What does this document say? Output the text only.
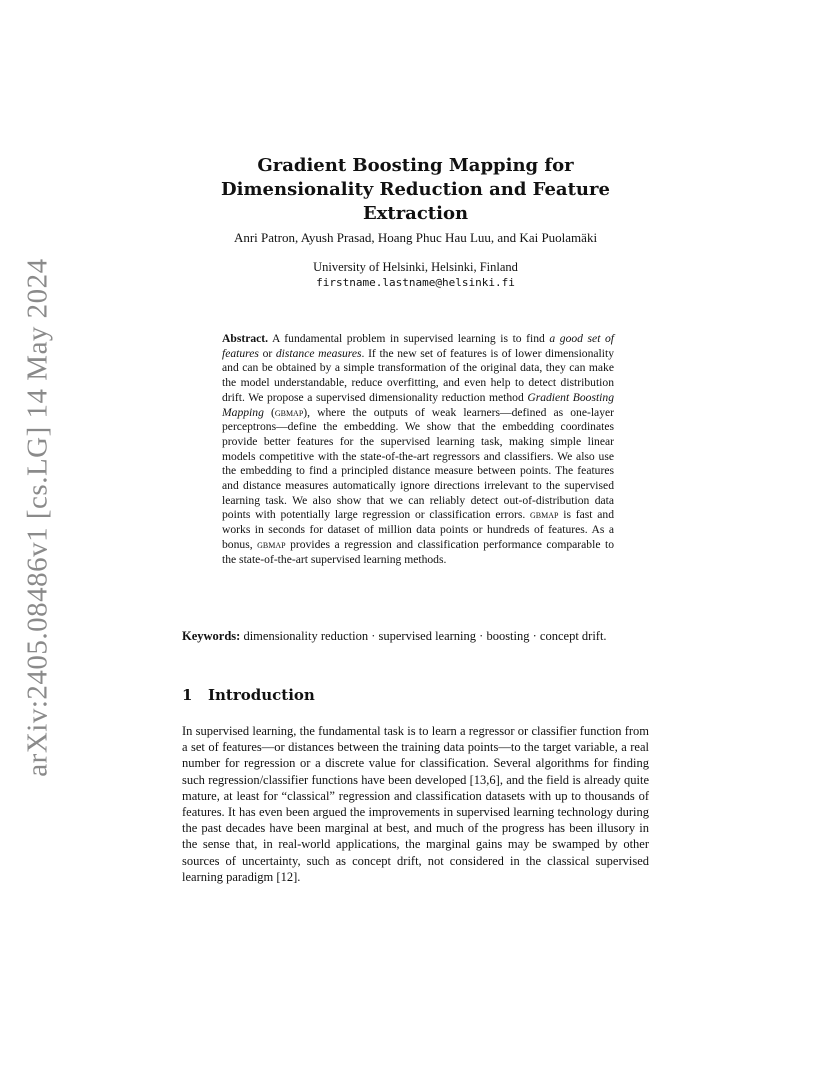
arXiv:2405.08486v1 [cs.LG] 14 May 2024
Gradient Boosting Mapping for Dimensionality Reduction and Feature Extraction
Anri Patron, Ayush Prasad, Hoang Phuc Hau Luu, and Kai Puolamäki
University of Helsinki, Helsinki, Finland
firstname.lastname@helsinki.fi

Abstract. A fundamental problem in supervised learning is to find a good set of features or distance measures. If the new set of features is of lower dimensionality and can be obtained by a simple transformation of the original data, they can make the model understandable, reduce overfitting, and even help to detect distribution drift. We propose a supervised dimensionality reduction method Gradient Boosting Mapping (gbmap), where the outputs of weak learners—defined as one-layer perceptrons—define the embedding. We show that the embedding coordinates provide better features for the supervised learning task, making simple linear models competitive with the state-of-the-art regressors and classifiers. We also use the embedding to find a principled distance measure between points. The features and distance measures automatically ignore directions irrelevant to the supervised learning task. We also show that we can reliably detect out-of-distribution data points with potentially large regression or classification errors. gbmap is fast and works in seconds for dataset of million data points or hundreds of features. As a bonus, gbmap provides a regression and classification performance comparable to the state-of-the-art supervised learning methods.

Keywords: dimensionality reduction · supervised learning · boosting · concept drift.

1 Introduction

In supervised learning, the fundamental task is to learn a regressor or classifier function from a set of features—or distances between the training data points—to the target variable, a real number for regression or a discrete value for classification. Several algorithms for finding such regression/classifier functions have been developed [13,6], and the field is already quite mature, at least for “classical” regression and classification datasets with up to thousands of features. It has even been argued the improvements in supervised learning technology during the past decades have been marginal at best, and much of the progress has been illusory in the sense that, in real-world applications, the marginal gains may be swamped by other sources of uncertainty, such as concept drift, not considered in the classical supervised learning paradigm [12].
